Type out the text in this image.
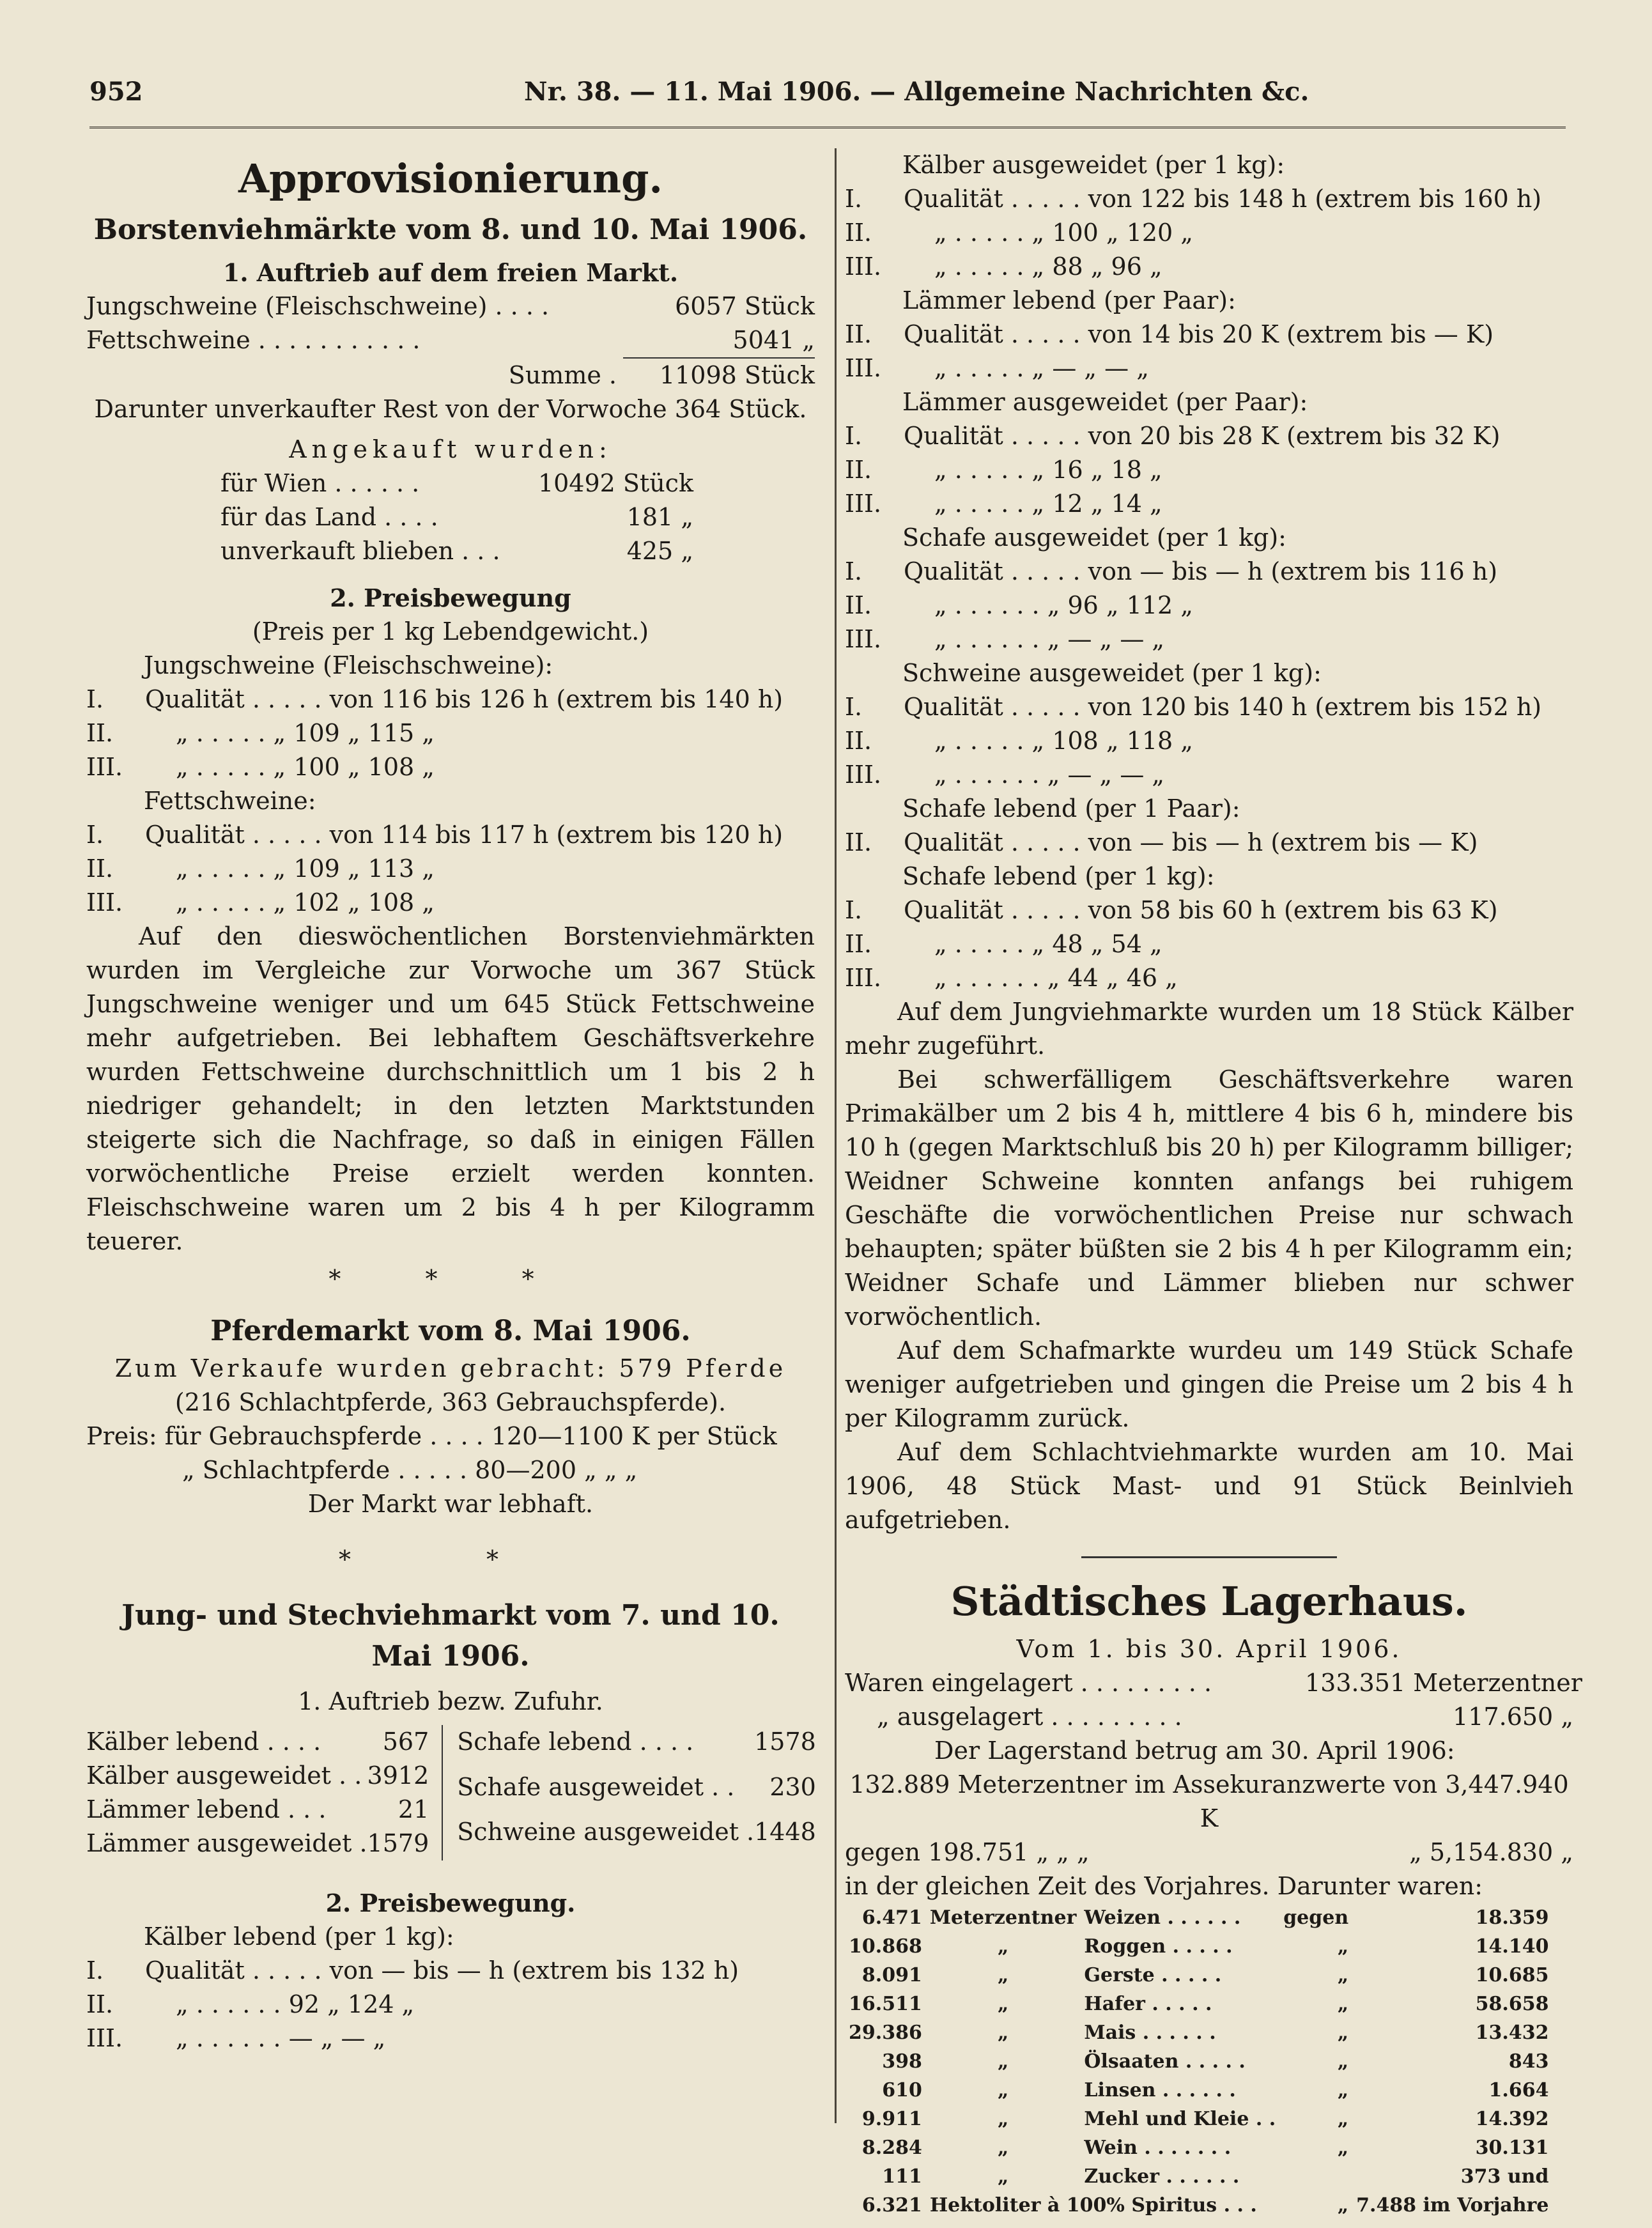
952	Nr. 38. — 11. Mai 1906. — Allgemeine Nachrichten &c.
Approvisionierung.
Borstenviehmärkte vom 8. und 10. Mai 1906.
1. Auftrieb auf dem freien Markt.
Jungschweine (Fleischschweine) . . . .	6057 Stück
Fettschweine . . . . . . . . . . .	5041 „
Summe .	11098 Stück
Darunter unverkaufter Rest von der Vorwoche 364 Stück.
Angekauft wurden:
für Wien . . . . . .	10492 Stück
für das Land . . . .	181 „
unverkauft blieben . . .	425 „
2. Preisbewegung
(Preis per 1 kg Lebendgewicht.)
Jungschweine (Fleischschweine):
I.	Qualität . . . . . von 116 bis 126 h (extrem bis 140 h)
II.	„ . . . . . „ 109 „ 115 „
III.	„ . . . . . „ 100 „ 108 „
Fettschweine:
I.	Qualität . . . . . von 114 bis 117 h (extrem bis 120 h)
II.	„ . . . . . „ 109 „ 113 „
III.	„ . . . . . „ 102 „ 108 „

Auf den dieswöchentlichen Borstenviehmärkten wurden im Vergleiche zur Vorwoche um 367 Stück Jungschweine weniger und um 645 Stück Fettschweine mehr aufgetrieben. Bei lebhaftem Geschäftsverkehre wurden Fettschweine durchschnittlich um 1 bis 2 h niedriger gehandelt; in den letzten Marktstunden steigerte sich die Nachfrage, so daß in einigen Fällen vorwöchentliche Preise erzielt werden konnten. Fleischschweine waren um 2 bis 4 h per Kilogramm teuerer.

* * *
Pferdemarkt vom 8. Mai 1906.
Zum Verkaufe wurden gebracht: 579 Pferde
(216 Schlachtpferde, 363 Gebrauchspferde).
Preis: für Gebrauchspferde . . . . 120—1100 K per Stück
„ Schlachtpferde . . . . . 80—200 „ „ „
Der Markt war lebhaft.
* *
Jung- und Stechviehmarkt vom 7. und 10. Mai 1906.
1. Auftrieb bezw. Zufuhr.
Kälber lebend . . . .	567
Kälber ausgeweidet . .	3912
Lämmer lebend . . .	21
Lämmer ausgeweidet .	1579
Schafe lebend . . . .	1578
Schafe ausgeweidet . .	230
Schweine ausgeweidet .	1448
2. Preisbewegung.
Kälber lebend (per 1 kg):
I.	Qualität . . . . . von — bis — h (extrem bis 132 h)
II.	„ . . . . . . 92 „ 124 „
III.	„ . . . . . . — „ — „
Kälber ausgeweidet (per 1 kg):
I.	Qualität . . . . . von 122 bis 148 h (extrem bis 160 h)
II.	„ . . . . . „ 100 „ 120 „
III.	„ . . . . . „ 88 „ 96 „
Lämmer lebend (per Paar):
II.	Qualität . . . . . von 14 bis 20 K (extrem bis — K)
III.	„ . . . . . „ — „ — „
Lämmer ausgeweidet (per Paar):
I.	Qualität . . . . . von 20 bis 28 K (extrem bis 32 K)
II.	„ . . . . . „ 16 „ 18 „
III.	„ . . . . . „ 12 „ 14 „
Schafe ausgeweidet (per 1 kg):
I.	Qualität . . . . . von — bis — h (extrem bis 116 h)
II.	„ . . . . . . „ 96 „ 112 „
III.	„ . . . . . . „ — „ — „
Schweine ausgeweidet (per 1 kg):
I.	Qualität . . . . . von 120 bis 140 h (extrem bis 152 h)
II.	„ . . . . . „ 108 „ 118 „
III.	„ . . . . . . „ — „ — „
Schafe lebend (per 1 Paar):
II.	Qualität . . . . . von — bis — h (extrem bis — K)
Schafe lebend (per 1 kg):
I.	Qualität . . . . . von 58 bis 60 h (extrem bis 63 K)
II.	„ . . . . . „ 48 „ 54 „
III.	„ . . . . . . „ 44 „ 46 „

Auf dem Jungviehmarkte wurden um 18 Stück Kälber mehr zugeführt.

Bei schwerfälligem Geschäftsverkehre waren Primakälber um 2 bis 4 h, mittlere 4 bis 6 h, mindere bis 10 h (gegen Marktschluß bis 20 h) per Kilogramm billiger; Weidner Schweine konnten anfangs bei ruhigem Geschäfte die vorwöchentlichen Preise nur schwach behaupten; später büßten sie 2 bis 4 h per Kilogramm ein; Weidner Schafe und Lämmer blieben nur schwer vorwöchentlich.

Auf dem Schafmarkte wurdeu um 149 Stück Schafe weniger aufgetrieben und gingen die Preise um 2 bis 4 h per Kilogramm zurück.

Auf dem Schlachtviehmarkte wurden am 10. Mai 1906, 48 Stück Mast- und 91 Stück Beinlvieh aufgetrieben.

Städtisches Lagerhaus.
Vom 1. bis 30. April 1906.
Waren eingelagert . . . . . . . . .	133.351 Meterzentner
„ ausgelagert . . . . . . . . .	117.650 „
Der Lagerstand betrug am 30. April 1906:
132.889 Meterzentner im Assekuranzwerte von 3,447.940 K
gegen 198.751 „ „ „	„ 5,154.830 „
in der gleichen Zeit des Vorjahres. Darunter waren:
6.471	Meterzentner	Weizen . . . . . .	gegen	18.359
10.868	„	Roggen . . . . .	„	14.140
8.091	„	Gerste . . . . .	„	10.685
16.511	„	Hafer . . . . .	„	58.658
29.386	„	Mais . . . . . .	„	13.432
398	„	Ölsaaten . . . . .	„	843
610	„	Linsen . . . . . .	„	1.664
9.911	„	Mehl und Kleie . .	„	14.392
8.284	„	Wein . . . . . . .	„	30.131
111	„	Zucker . . . . . .		373 und
6.321	Hektoliter à 100% Spiritus . . .		„	7.488 im Vorjahre
